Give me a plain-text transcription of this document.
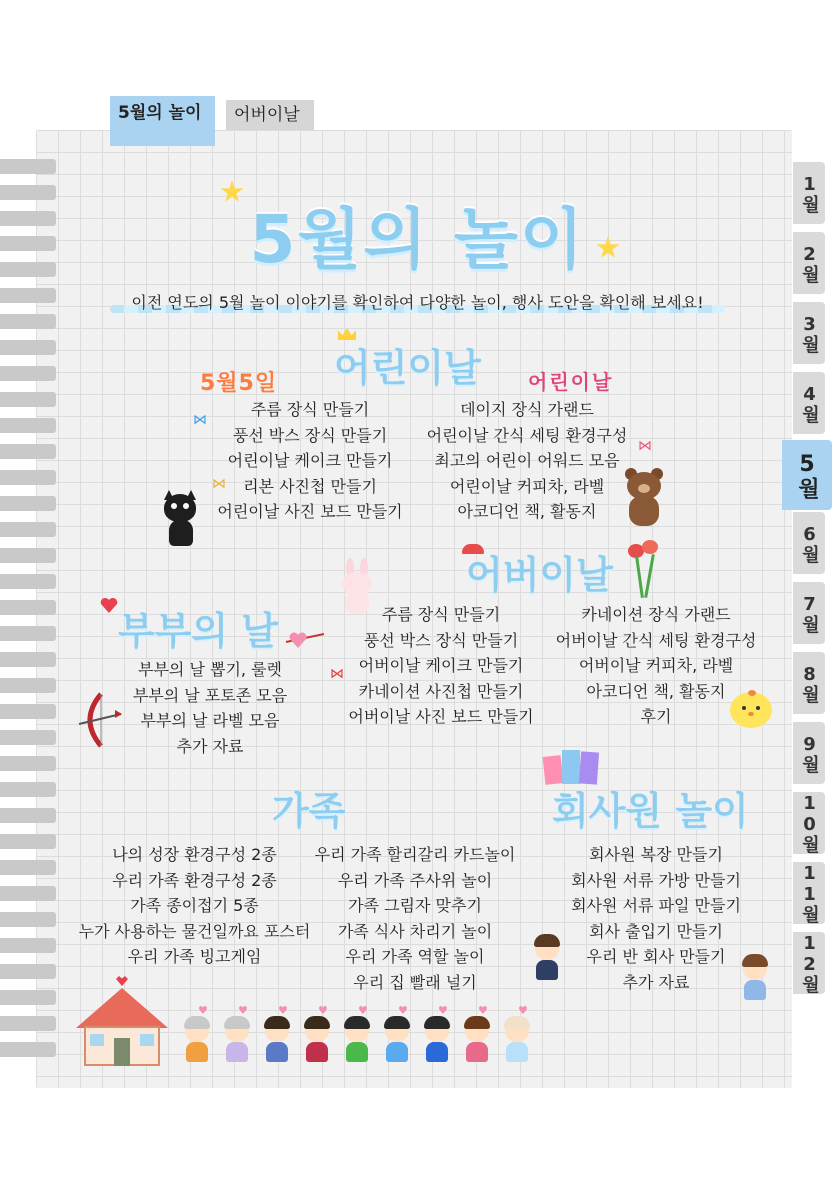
5월의 놀이	어버이날
1월
2월
3월
4월
5월
6월
7월
8월
9월
10월
11월
12월
5월의 놀이
이전 연도의 5월 놀이 이야기를 확인하여 다양한 놀이, 행사 도안을 확인해 보세요!
어린이날
5월5일	어린이날
주름 장식 만들기
풍선 박스 장식 만들기
어린이날 케이크 만들기
리본 사진첩 만들기
어린이날 사진 보드 만들기
데이지 장식 가랜드
어린이날 간식 세팅 환경구성
최고의 어린이 어워드 모음
어린이날 커피차, 라벨
아코디언 책, 활동지
⋈
⋈
⋈
어버이날
주름 장식 만들기
풍선 박스 장식 만들기
어버이날 케이크 만들기
카네이션 사진첩 만들기
어버이날 사진 보드 만들기
카네이션 장식 가랜드
어버이날 간식 세팅 환경구성
어버이날 커피차, 라벨
아코디언 책, 활동지
후기
⋈
부부의 날
부부의 날 뽑기, 룰렛
부부의 날 포토존 모음
부부의 날 라벨 모음
추가 자료
가족
나의 성장 환경구성 2종
우리 가족 환경구성 2종
가족 종이접기 5종
누가 사용하는 물건일까요 포스터
우리 가족 빙고게임
우리 가족 할리갈리 카드놀이
우리 가족 주사위 놀이
가족 그림자 맞추기
가족 식사 차리기 놀이
우리 가족 역할 놀이
우리 집 빨래 널기
회사원 놀이
회사원 복장 만들기
회사원 서류 가방 만들기
회사원 서류 파일 만들기
회사 출입기 만들기
우리 반 회사 만들기
추가 자료
♥	♥	♥	♥	♥	♥	♥	♥	♥
